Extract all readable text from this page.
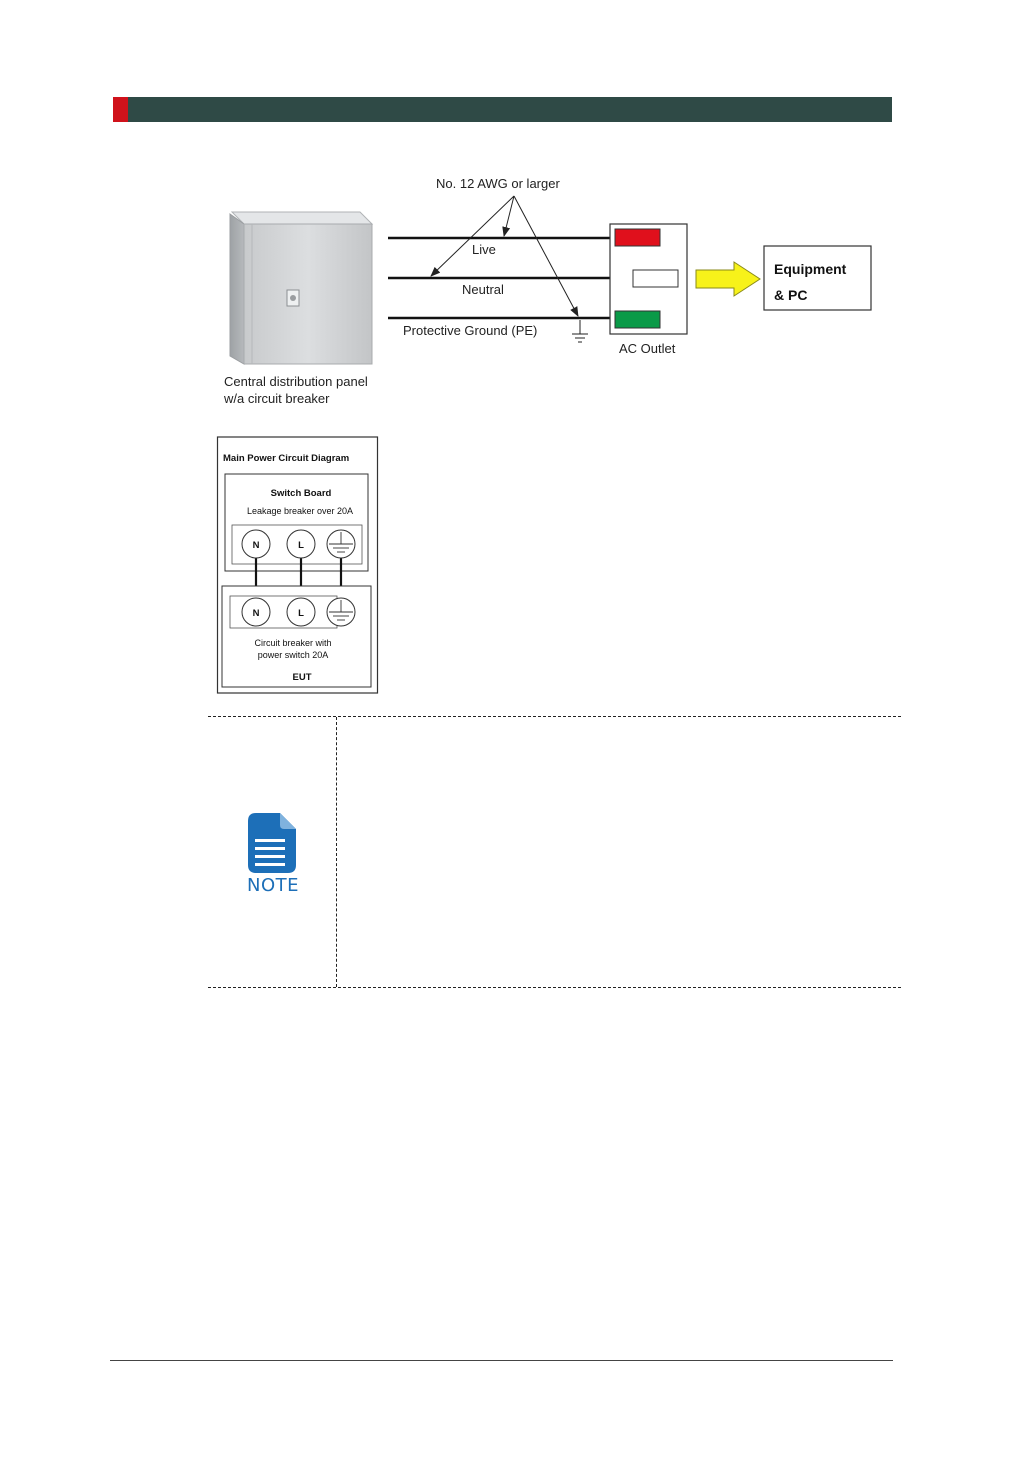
No. 12 AWG or larger
Live
Neutral
Protective Ground (PE)
AC Outlet
Equipment
& PC
Central distribution panel
w/a circuit breaker
Main Power Circuit Diagram
Switch Board
Leakage breaker over 20A
N	L
N	L
Circuit breaker with
power switch 20A
EUT
NOTE
